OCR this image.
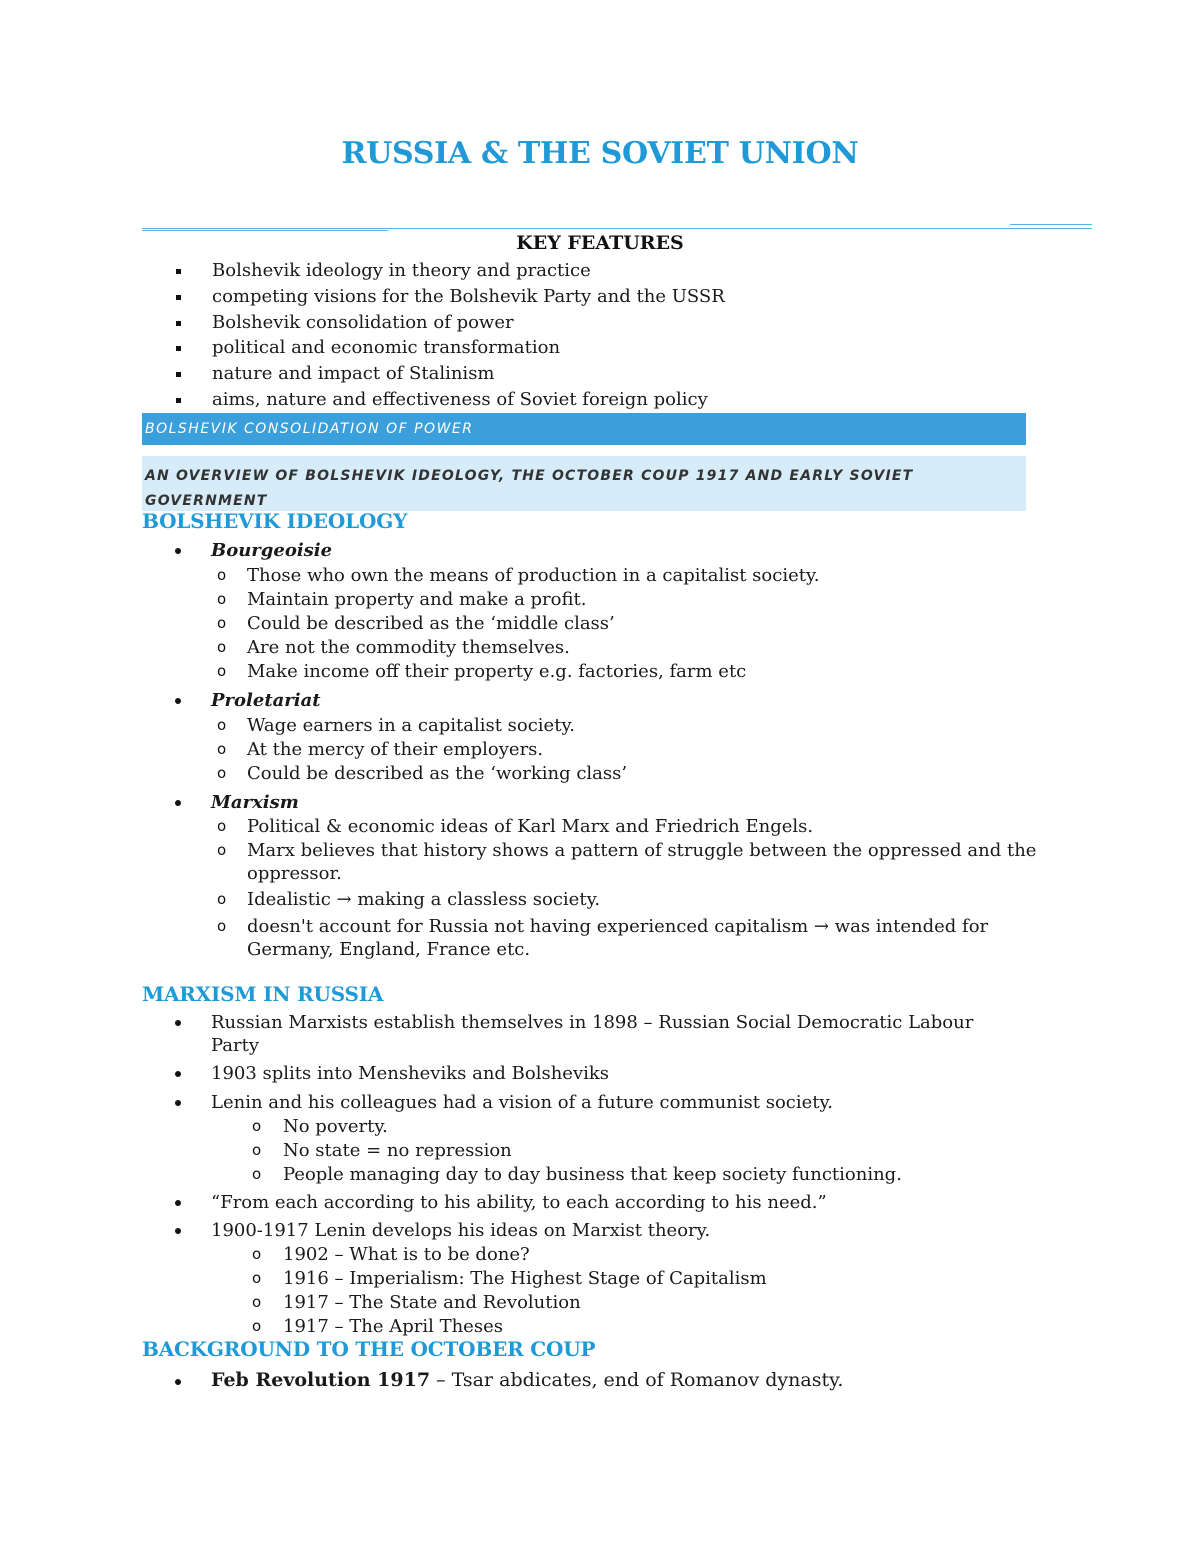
RUSSIA & THE SOVIET UNION
KEY FEATURES
Bolshevik ideology in theory and practice
competing visions for the Bolshevik Party and the USSR
Bolshevik consolidation of power
political and economic transformation
nature and impact of Stalinism
aims, nature and effectiveness of Soviet foreign policy
BOLSHEVIK CONSOLIDATION OF POWER
AN OVERVIEW OF BOLSHEVIK IDEOLOGY, THE OCTOBER COUP 1917 AND EARLY SOVIET GOVERNMENT
BOLSHEVIK IDEOLOGY
Bourgeoisie
o Those who own the means of production in a capitalist society.
o Maintain property and make a profit.
o Could be described as the ‘middle class’
o Are not the commodity themselves.
o Make income off their property e.g. factories, farm etc
Proletariat
o Wage earners in a capitalist society.
o At the mercy of their employers.
o Could be described as the ‘working class’
Marxism
o Political & economic ideas of Karl Marx and Friedrich Engels.
o Marx believes that history shows a pattern of struggle between the oppressed and the
oppressor.
o Idealistic → making a classless society.
o doesn't account for Russia not having experienced capitalism → was intended for
Germany, England, France etc.
MARXISM IN RUSSIA
Russian Marxists establish themselves in 1898 – Russian Social Democratic Labour
Party
1903 splits into Mensheviks and Bolsheviks
Lenin and his colleagues had a vision of a future communist society.
o No poverty.
o No state = no repression
o People managing day to day business that keep society functioning.
“From each according to his ability, to each according to his need.”
1900-1917 Lenin develops his ideas on Marxist theory.
o 1902 – What is to be done?
o 1916 – Imperialism: The Highest Stage of Capitalism
o 1917 – The State and Revolution
o 1917 – The April Theses
BACKGROUND TO THE OCTOBER COUP
Feb Revolution 1917 – Tsar abdicates, end of Romanov dynasty.
